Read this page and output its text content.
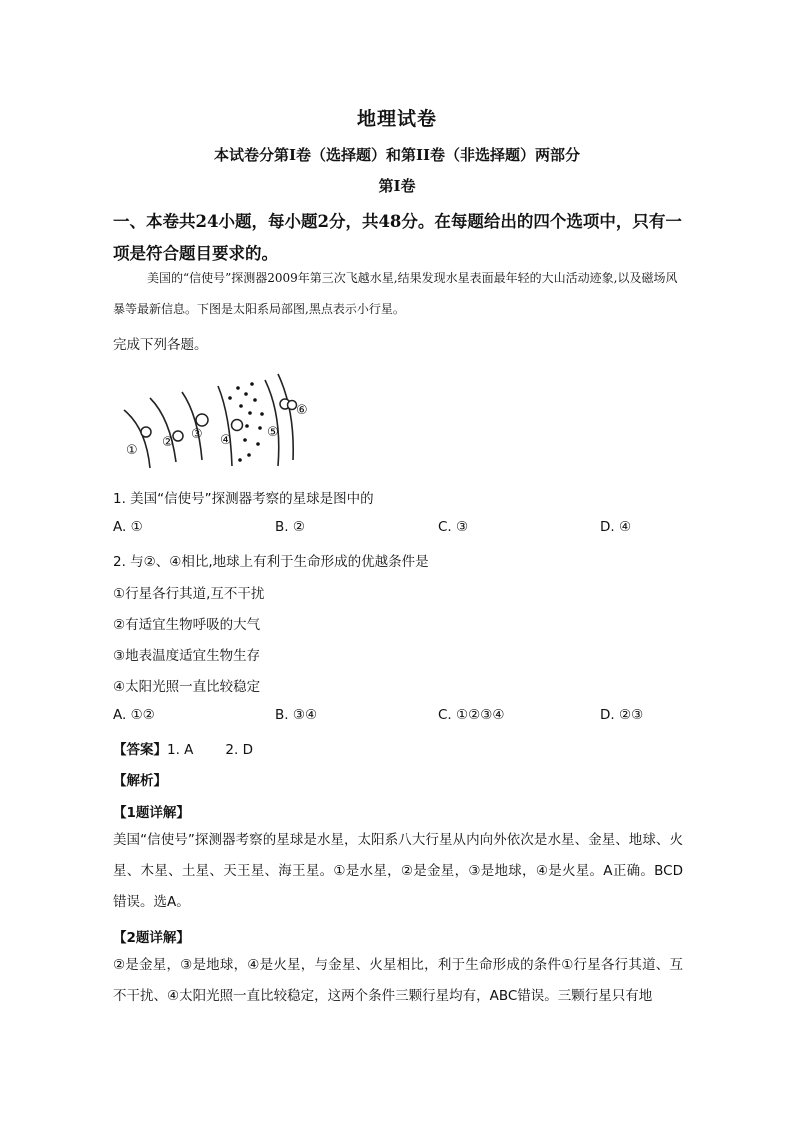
地理试卷
本试卷分第Ⅰ卷（选择题）和第II卷（非选择题）两部分
第Ⅰ卷
一、本卷共24小题，每小题2分，共48分。在每题给出的四个选项中，只有一
项是符合题目要求的。
美国的“信使号”探测器2009年第三次飞越水星,结果发现水星表面最年轻的大山活动迹象,以及磁场风暴等最新信息。下图是太阳系局部图,黑点表示小行星。
完成下列各题。
①
②
③ ④
⑤
⑥
1. 美国“信使号”探测器考察的星球是图中的
A. ①	B. ②	C. ③	D. ④
2. 与②、④相比,地球上有利于生命形成的优越条件是
①行星各行其道,互不干扰
②有适宜生物呼吸的大气
③地表温度适宜生物生存
④太阳光照一直比较稳定
A. ①②	B. ③④	C. ①②③④	D. ②③
【答案】1. A 2. D
【解析】
【1题详解】
美国“信使号”探测器考察的星球是水星，太阳系八大行星从内向外依次是水星、金星、地球、火星、木星、土星、天王星、海王星。①是水星，②是金星，③是地球，④是火星。A正确。BCD错误。选A。
【2题详解】
②是金星，③是地球，④是火星，与金星、火星相比，利于生命形成的条件①行星各行其道、互不干扰、④太阳光照一直比较稳定，这两个条件三颗行星均有，ABC错误。三颗行星只有地
